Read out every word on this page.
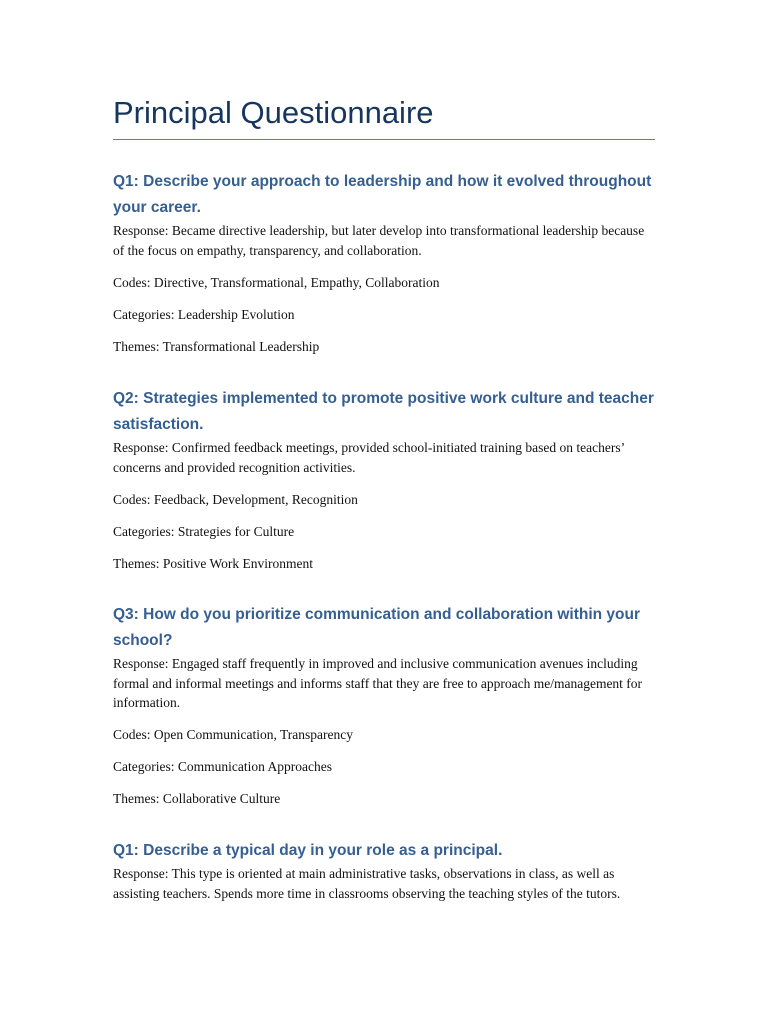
Principal Questionnaire

Q1: Describe your approach to leadership and how it evolved throughout your career.

Response: Became directive leadership, but later develop into transformational leadership because of the focus on empathy, transparency, and collaboration.

Codes: Directive, Transformational, Empathy, Collaboration

Categories: Leadership Evolution

Themes: Transformational Leadership

Q2: Strategies implemented to promote positive work culture and teacher satisfaction.

Response: Confirmed feedback meetings, provided school-initiated training based on teachers’ concerns and provided recognition activities.

Codes: Feedback, Development, Recognition

Categories: Strategies for Culture

Themes: Positive Work Environment

Q3: How do you prioritize communication and collaboration within your school?

Response: Engaged staff frequently in improved and inclusive communication avenues including formal and informal meetings and informs staff that they are free to approach me/management for information.

Codes: Open Communication, Transparency

Categories: Communication Approaches

Themes: Collaborative Culture

Q1: Describe a typical day in your role as a principal.

Response: This type is oriented at main administrative tasks, observations in class, as well as assisting teachers. Spends more time in classrooms observing the teaching styles of the tutors.
